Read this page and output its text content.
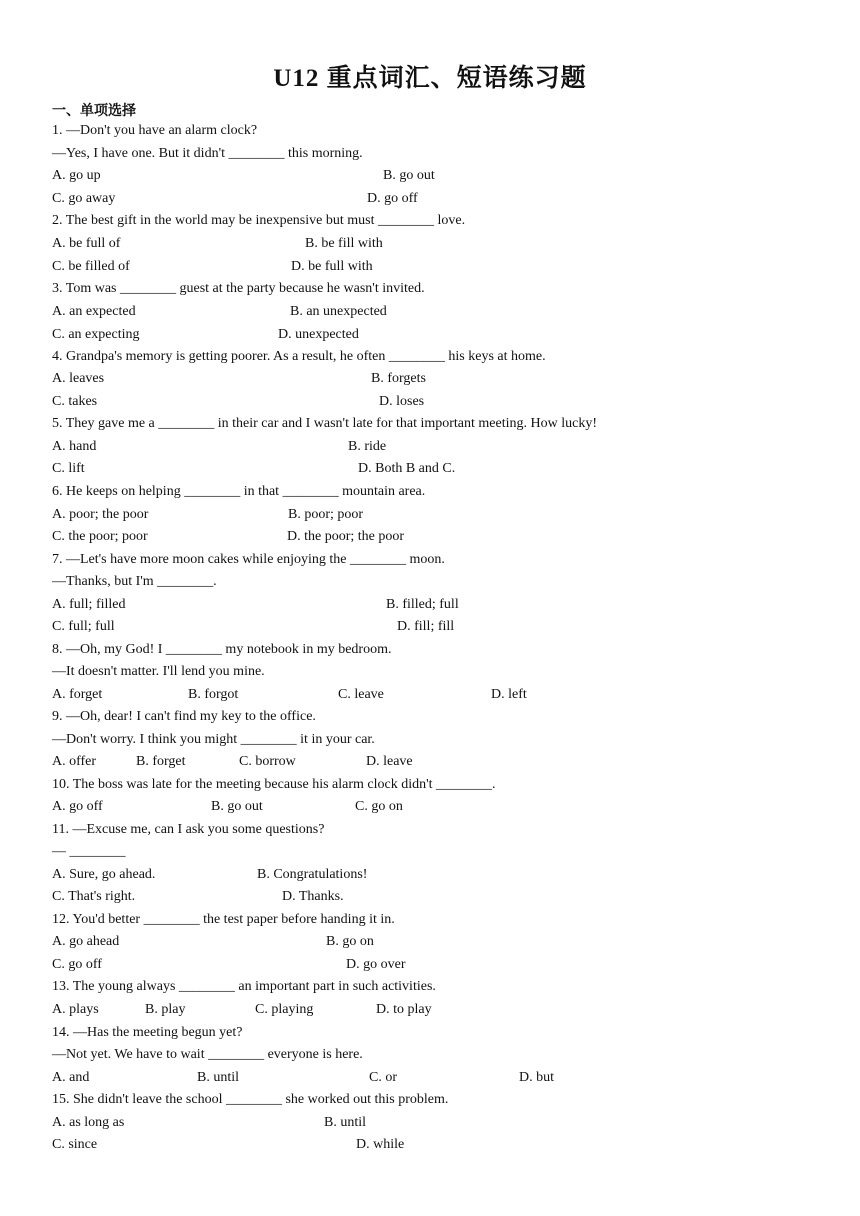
U12 重点词汇、短语练习题
一、单项选择
1. —Don't you have an alarm clock?
—Yes, I have one. But it didn't ________ this morning.
A. go up	B. go out
C. go away	D. go off
2. The best gift in the world may be inexpensive but must ________ love.
A. be full of	B. be fill with
C. be filled of	D. be full with
3. Tom was ________ guest at the party because he wasn't invited.
A. an expected	B. an unexpected
C. an expecting	D. unexpected
4. Grandpa's memory is getting poorer. As a result, he often ________ his keys at home.
A. leaves	B. forgets
C. takes	D. loses
5. They gave me a ________ in their car and I wasn't late for that important meeting. How lucky!
A. hand	B. ride
C. lift	D. Both B and C.
6. He keeps on helping ________ in that ________ mountain area.
A. poor; the poor	B. poor; poor
C. the poor; poor	D. the poor; the poor
7. —Let's have more moon cakes while enjoying the ________ moon.
—Thanks, but I'm ________.
A. full; filled	B. filled; full
C. full; full	D. fill; fill
8. —Oh, my God! I ________ my notebook in my bedroom.
—It doesn't matter. I'll lend you mine.
A. forget	B. forgot	C. leave	D. left
9. —Oh, dear! I can't find my key to the office.
—Don't worry. I think you might ________ it in your car.
A. offer	B. forget	C. borrow	D. leave
10. The boss was late for the meeting because his alarm clock didn't ________.
A. go off	B. go out	C. go on
11. —Excuse me, can I ask you some questions?
— ________
A. Sure, go ahead.	B. Congratulations!
C. That's right.	D. Thanks.
12. You'd better ________ the test paper before handing it in.
A. go ahead	B. go on
C. go off	D. go over
13. The young always ________ an important part in such activities.
A. plays	B. play	C. playing	D. to play
14. —Has the meeting begun yet?
—Not yet. We have to wait ________ everyone is here.
A. and	B. until	C. or	D. but
15. She didn't leave the school ________ she worked out this problem.
A. as long as	B. until
C. since	D. while
